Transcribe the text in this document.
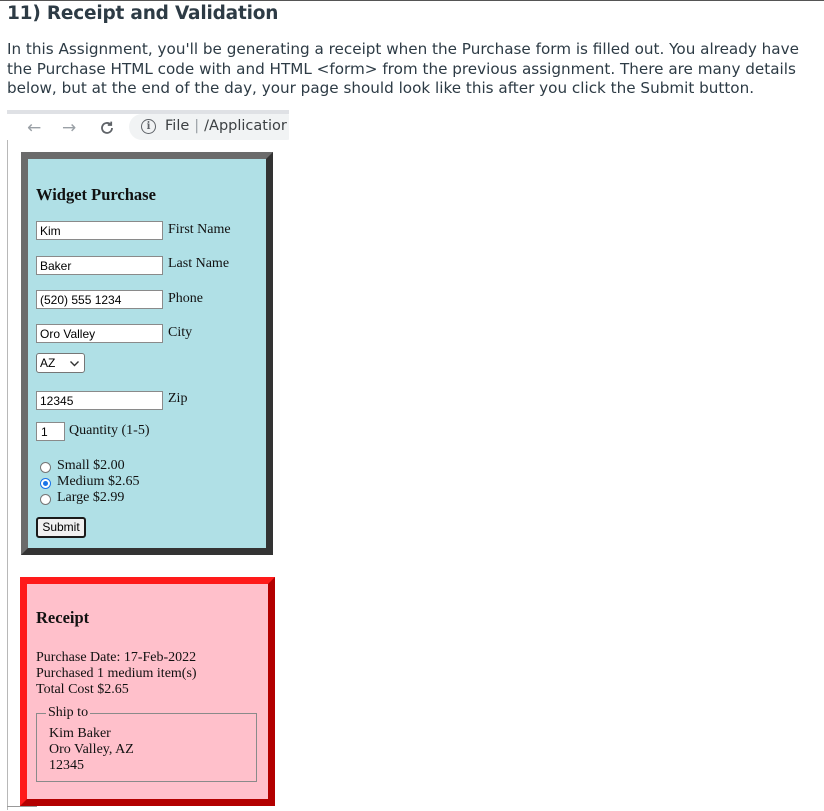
11) Receipt and Validation

In this Assignment, you'll be generating a receipt when the Purchase form is filled out. You already have the Purchase HTML code with and HTML <form> from the previous assignment. There are many details below, but at the end of the day, your page should look like this after you click the Submit button.

← →	i	File | /Applicatior
Widget Purchase
Kim	First Name
Baker	Last Name
(520) 555 1234	Phone
Oro Valley	City
AZ
12345	Zip
1	Quantity (1-5)
Small $2.00
Medium $2.65
Large $2.99
Submit
Receipt
Purchase Date: 17-Feb-2022
Purchased 1 medium item(s)
Total Cost $2.65
Ship to
Kim Baker
Oro Valley, AZ
12345
